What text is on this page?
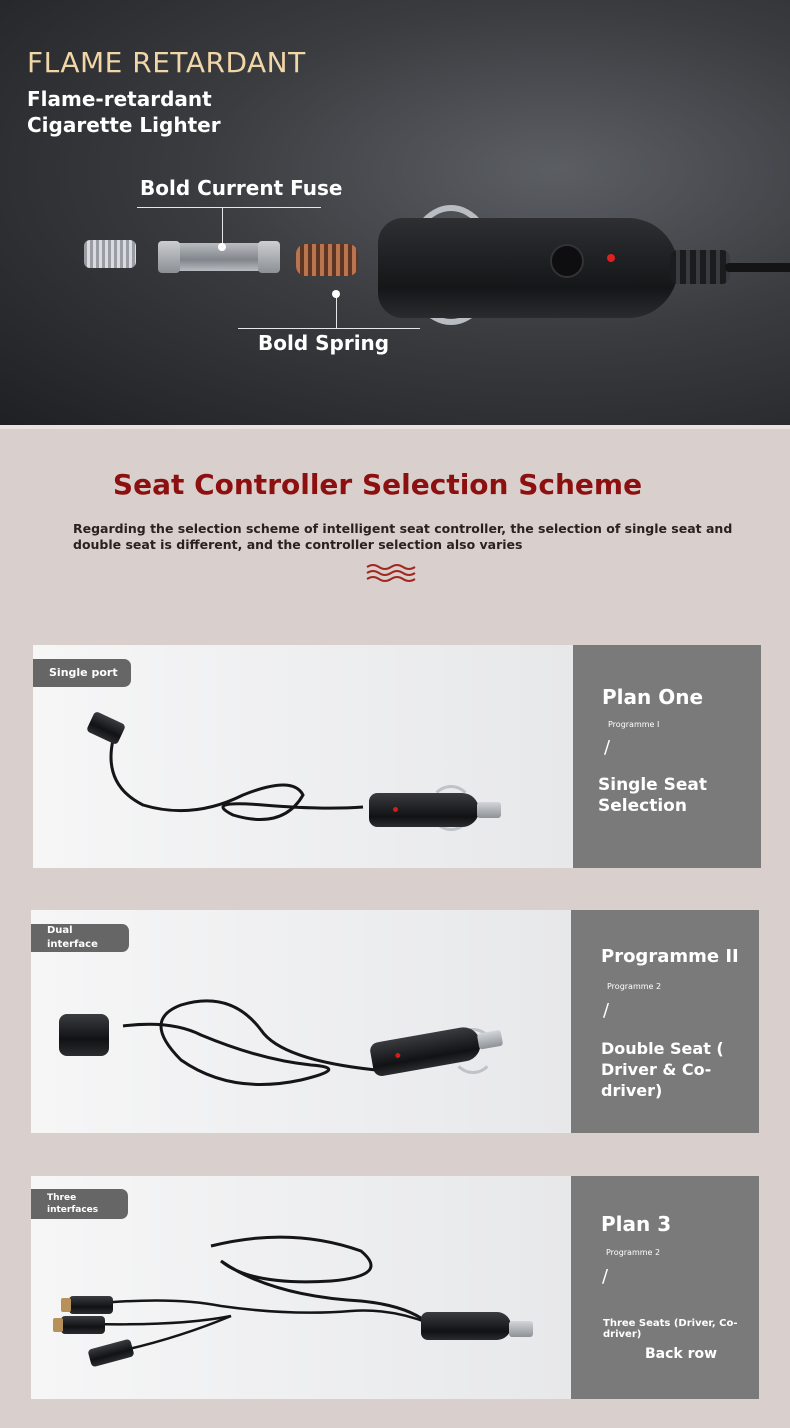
FLAME RETARDANT
Flame-retardant Cigarette Lighter
Bold Current Fuse
Bold Spring
Seat Controller Selection Scheme

Regarding the selection scheme of intelligent seat controller, the selection of single seat and double seat is different, and the controller selection also varies

Single port
Plan One
Programme I
/
Single Seat Selection
Dual interface
Programme II
Programme 2
/
Double Seat ( Driver & Co-driver)
Three interfaces
Plan 3
Programme 2
/
Three Seats (Driver, Co-driver)
Back row
